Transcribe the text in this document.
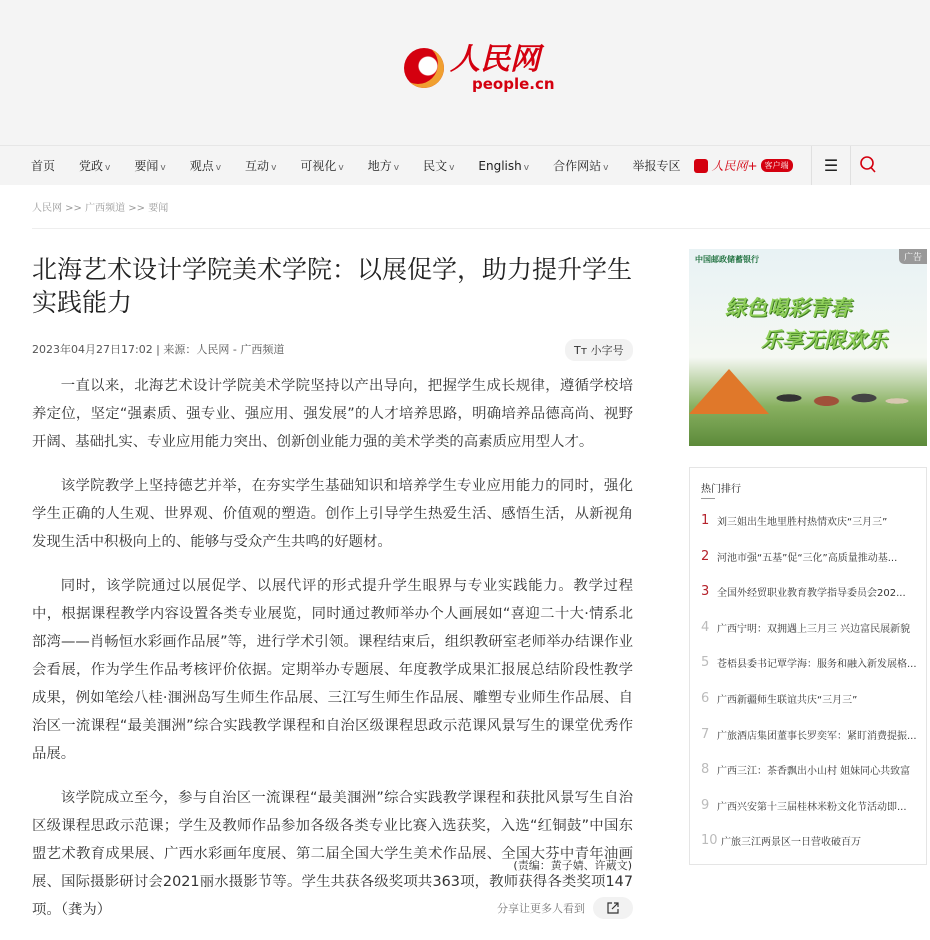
人民网
people.cn
首页 党政 v 要闻 v 观点 v 互动 v 可视化 v 地方 v 民文 v English v 合作网站 v 举报专区	人民网+ 客户端 ☰
人民网 >> 广西频道 >> 要闻
北海艺术设计学院美术学院：以展促学，助力提升学生实践能力
2023年04月27日17:02 | 来源：人民网 - 广西频道	Tт 小字号

一直以来，北海艺术设计学院美术学院坚持以产出导向，把握学生成长规律，遵循学校培养定位，坚定“强素质、强专业、强应用、强发展”的人才培养思路，明确培养品德高尚、视野开阔、基础扎实、专业应用能力突出、创新创业能力强的美术学类的高素质应用型人才。

该学院教学上坚持德艺并举，在夯实学生基础知识和培养学生专业应用能力的同时，强化学生正确的人生观、世界观、价值观的塑造。创作上引导学生热爱生活、感悟生活，从新视角发现生活中积极向上的、能够与受众产生共鸣的好题材。

同时，该学院通过以展促学、以展代评的形式提升学生眼界与专业实践能力。教学过程中，根据课程教学内容设置各类专业展览，同时通过教师举办个人画展如“喜迎二十大·情系北部湾——肖畅恒水彩画作品展”等，进行学术引领。课程结束后，组织教研室老师举办结课作业会看展，作为学生作品考核评价依据。定期举办专题展、年度教学成果汇报展总结阶段性教学成果，例如笔绘八桂·涠洲岛写生师生作品展、三江写生师生作品展、雕塑专业师生作品展、自治区一流课程“最美涠洲”综合实践教学课程和自治区级课程思政示范课风景写生的课堂优秀作品展。

该学院成立至今，参与自治区一流课程“最美涠洲”综合实践教学课程和获批风景写生自治区级课程思政示范课；学生及教师作品参加各级各类专业比赛入选获奖，入选“红铜鼓”中国东盟艺术教育成果展、广西水彩画年度展、第二届全国大学生美术作品展、全国大芬中青年油画展、国际摄影研讨会2021丽水摄影节等。学生共获各级奖项共363项，教师获得各类奖项147项。（龚为）

(责编：黄子婧、许葳文)
分享让更多人看到
中国邮政储蓄银行	广告
绿色喝彩青春
乐享无限欢乐
热门排行
1 刘三姐出生地里胜村热情欢庆“三月三”
2 河池市强“五基”促“三化”高质量推动基...
3 全国外经贸职业教育教学指导委员会202...
4 广西宁明：双拥遇上三月三 兴边富民展新貌
5 苍梧县委书记覃学海：服务和融入新发展格...
6 广西新疆师生联谊共庆“三月三”
7 广旅酒店集团董事长罗奕军：紧盯消费提振...
8 广西三江：茶香飘出小山村 姐妹同心共致富
9 广西兴安第十三届桂林米粉文化节活动即...
10 广旅三江两景区一日营收破百万
